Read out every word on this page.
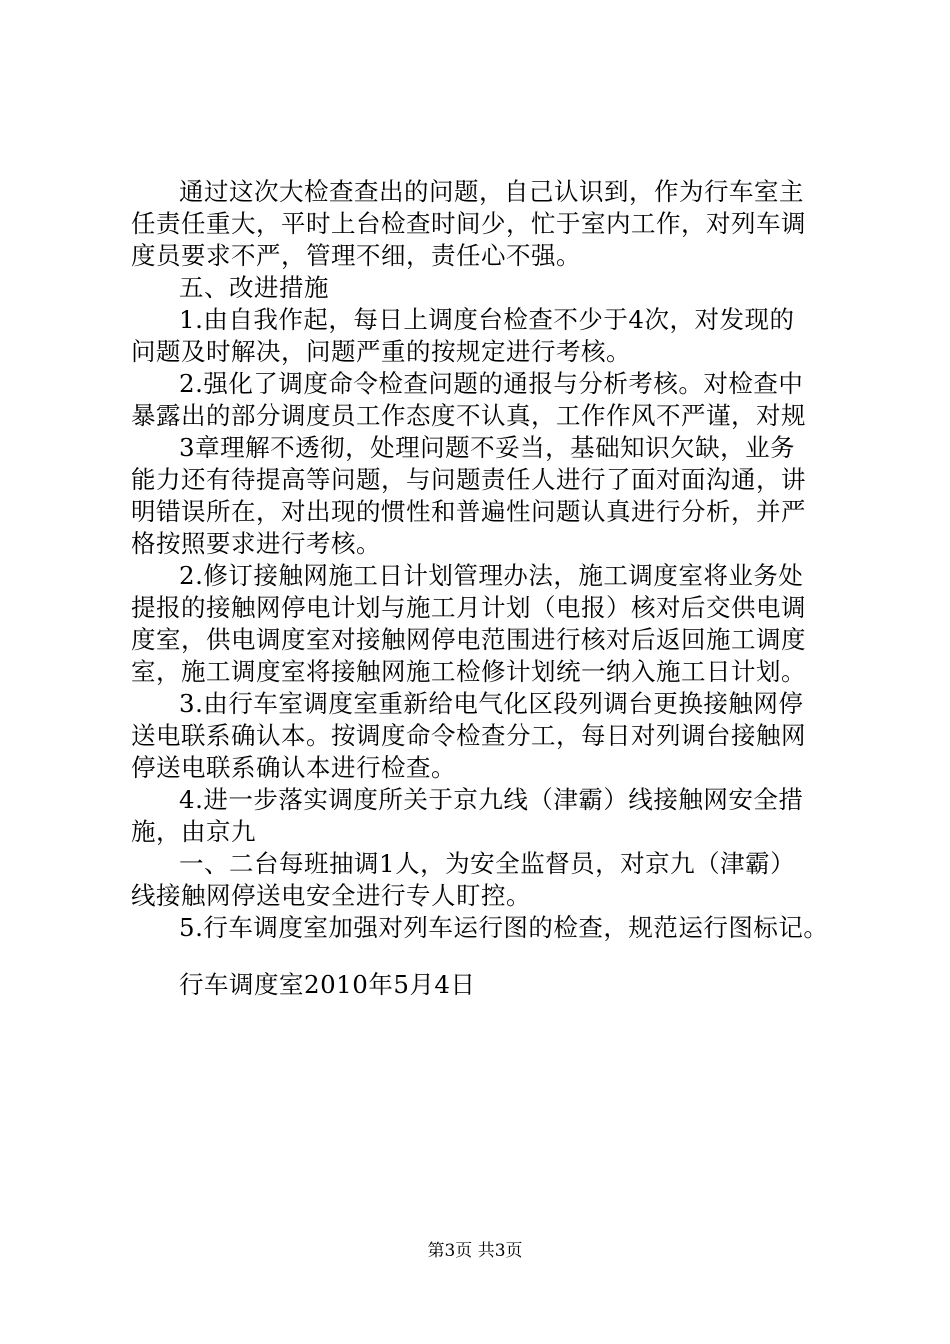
通过这次大检查查出的问题，自己认识到，作为行车室主
任责任重大，平时上台检查时间少，忙于室内工作，对列车调
度员要求不严，管理不细，责任心不强。
五、改进措施
1.由自我作起，每日上调度台检查不少于4次，对发现的
问题及时解决，问题严重的按规定进行考核。
2.强化了调度命令检查问题的通报与分析考核。对检查中
暴露出的部分调度员工作态度不认真，工作作风不严谨，对规
3章理解不透彻，处理问题不妥当，基础知识欠缺，业务
能力还有待提高等问题，与问题责任人进行了面对面沟通，讲
明错误所在，对出现的惯性和普遍性问题认真进行分析，并严
格按照要求进行考核。
2.修订接触网施工日计划管理办法，施工调度室将业务处
提报的接触网停电计划与施工月计划（电报）核对后交供电调
度室，供电调度室对接触网停电范围进行核对后返回施工调度
室，施工调度室将接触网施工检修计划统一纳入施工日计划。
3.由行车室调度室重新给电气化区段列调台更换接触网停
送电联系确认本。按调度命令检查分工，每日对列调台接触网
停送电联系确认本进行检查。
4.进一步落实调度所关于京九线（津霸）线接触网安全措
施，由京九
一、二台每班抽调1人，为安全监督员，对京九（津霸）
线接触网停送电安全进行专人盯控。
5.行车调度室加强对列车运行图的检查，规范运行图标记。
行车调度室2010年5月4日
第3页 共3页
